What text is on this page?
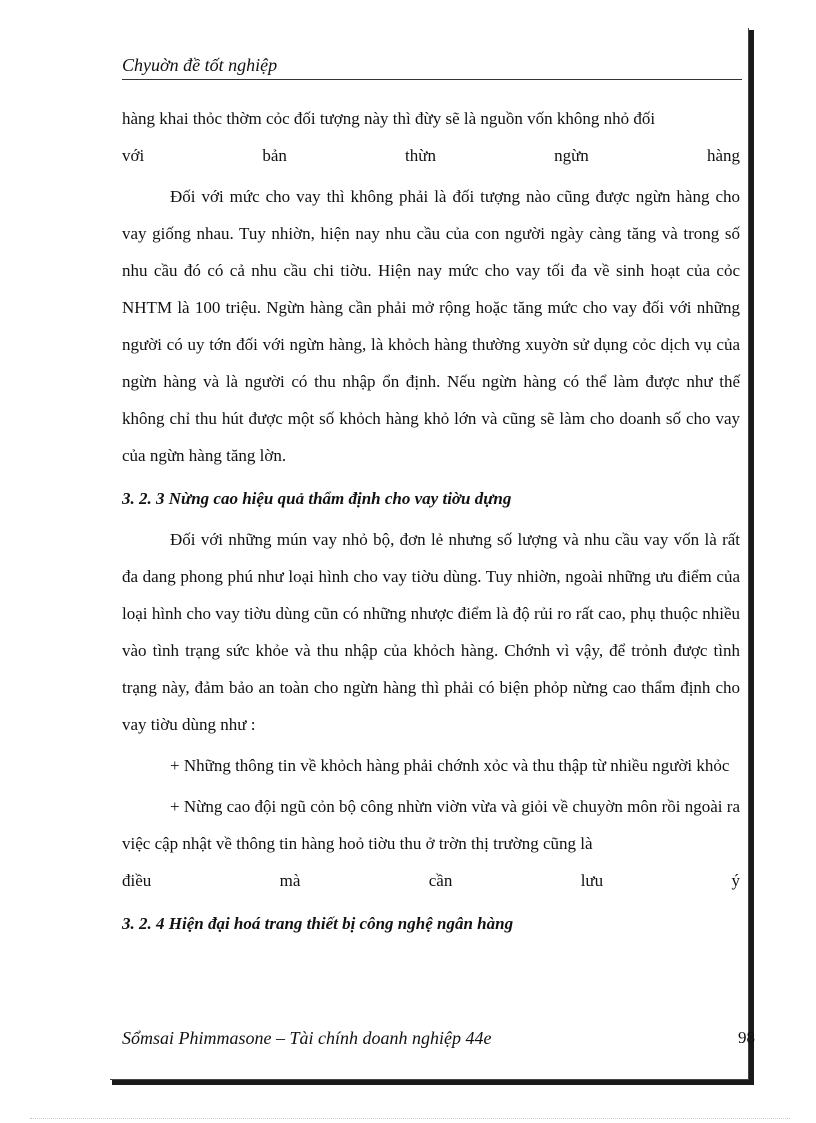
Chyuờn đề tốt nghiệp

hàng khai thỏc thờm cỏc đối tượng này thì đừy sẽ là nguồn vốn không nhỏ đối

với bản thừn ngừn hàng

Đối với mức cho vay thì không phải là đối tượng nào cũng được ngừn hàng cho vay giống nhau. Tuy nhiờn, hiện nay nhu cầu của con người ngày càng tăng và trong số nhu cầu đó có cả nhu cầu chi tiờu. Hiện nay mức cho vay tối đa về sinh hoạt của cỏc NHTM là 100 triệu. Ngừn hàng cần phải mở rộng hoặc tăng mức cho vay đối với những người có uy tớn đối với ngừn hàng, là khỏch hàng thường xuyờn sử dụng cỏc dịch vụ của ngừn hàng và là người có thu nhập ổn định. Nếu ngừn hàng có thể làm được như thế không chỉ thu hút được một số khỏch hàng khỏ lớn và cũng sẽ làm cho doanh số cho vay của ngừn hàng tăng lờn.

3. 2. 3 Nừng cao hiệu quả thẩm định cho vay tiờu dựng

Đối với những mún vay nhỏ bộ, đơn lẻ nhưng số lượng và nhu cầu vay vốn là rất đa dang phong phú như loại hình cho vay tiờu dùng. Tuy nhiờn, ngoài những ưu điểm của loại hình cho vay tiờu dùng cũn có những nhược điểm là độ rủi ro rất cao, phụ thuộc nhiều vào tình trạng sức khỏe và thu nhập của khỏch hàng. Chớnh vì vậy, để trỏnh được tình trạng này, đảm bảo an toàn cho ngừn hàng thì phải có biện phỏp nừng cao thẩm định cho vay tiờu dùng như :

+ Những thông tin về khỏch hàng phải chớnh xỏc và thu thập từ nhiều người khỏc

+ Nừng cao đội ngũ cỏn bộ công nhừn viờn vừa và giỏi về chuyờn môn rồi ngoài ra việc cập nhật về thông tin hàng hoỏ tiờu thu ở trờn thị trường cũng là

điều mà cần lưu ý

3. 2. 4 Hiện đại hoá trang thiết bị công nghệ ngân hàng
Sổmsai Phimmasone – Tài chính doanh nghiệp 44e	98
